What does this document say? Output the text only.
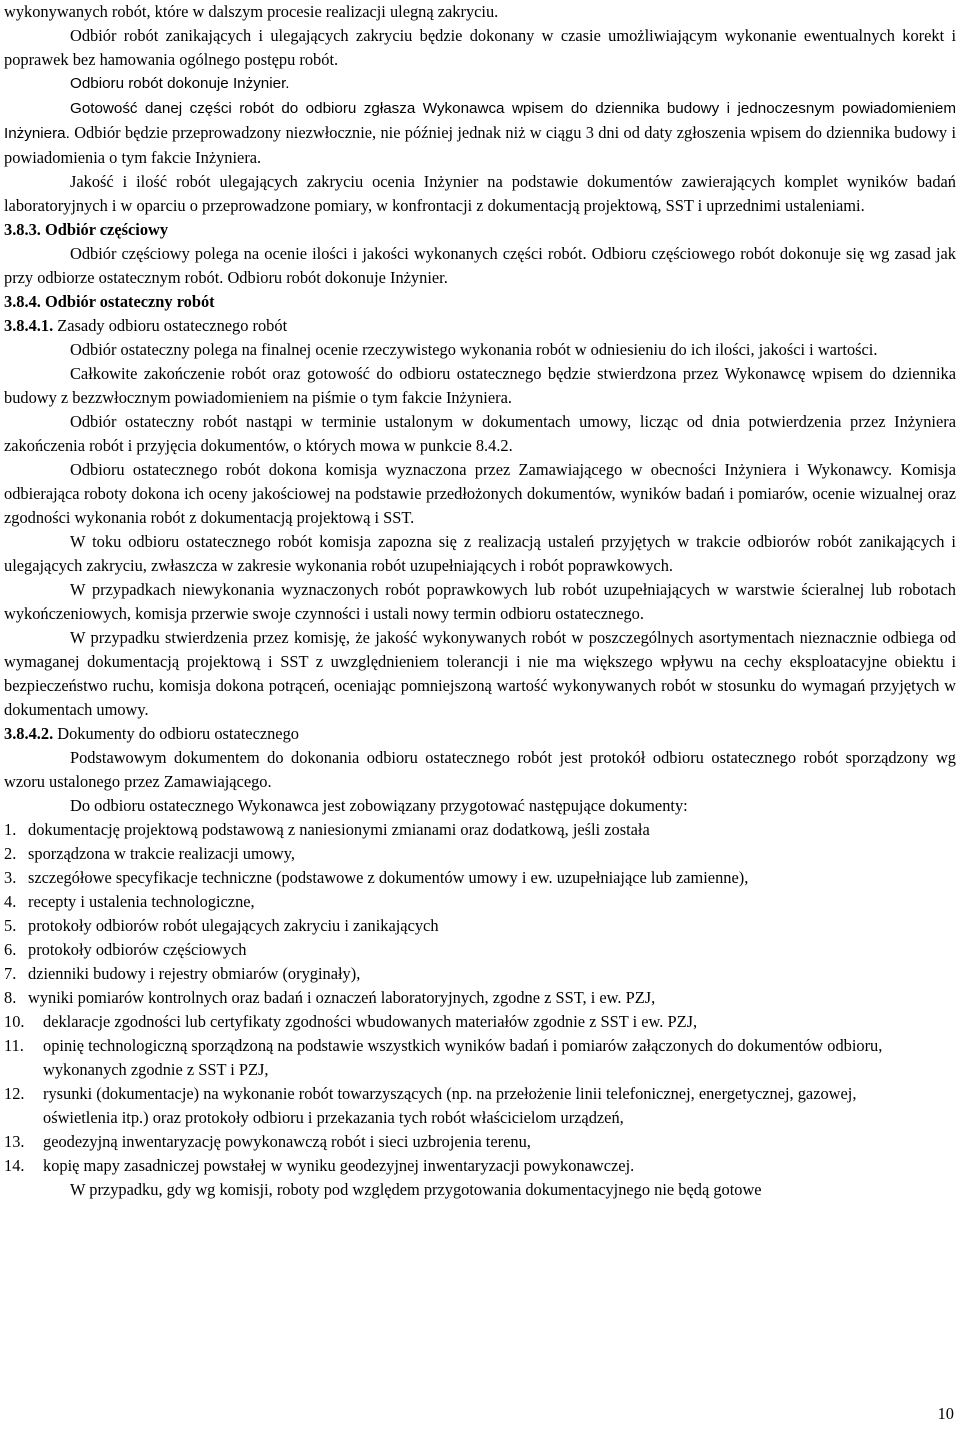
wykonywanych robót, które w dalszym procesie realizacji ulegną zakryciu.

Odbiór robót zanikających i ulegających zakryciu będzie dokonany w czasie umożliwiającym wykonanie ewentualnych korekt i poprawek bez hamowania ogólnego postępu robót.

Odbioru robót dokonuje Inżynier.

Gotowość danej części robót do odbioru zgłasza Wykonawca wpisem do dziennika budowy i jednoczesnym powiadomieniem Inżyniera. Odbiór będzie przeprowadzony niezwłocznie, nie później jednak niż w ciągu 3 dni od daty zgłoszenia wpisem do dziennika budowy i powiadomienia o tym fakcie Inżyniera.

Jakość i ilość robót ulegających zakryciu ocenia Inżynier na podstawie dokumentów zawierających komplet wyników badań laboratoryjnych i w oparciu o przeprowadzone pomiary, w konfrontacji z dokumentacją projektową, SST i uprzednimi ustaleniami.

3.8.3. Odbiór częściowy

Odbiór częściowy polega na ocenie ilości i jakości wykonanych części robót. Odbioru częściowego robót dokonuje się wg zasad jak przy odbiorze ostatecznym robót. Odbioru robót dokonuje Inżynier.

3.8.4. Odbiór ostateczny robót

3.8.4.1. Zasady odbioru ostatecznego robót

Odbiór ostateczny polega na finalnej ocenie rzeczywistego wykonania robót w odniesieniu do ich ilości, jakości i wartości.

Całkowite zakończenie robót oraz gotowość do odbioru ostatecznego będzie stwierdzona przez Wykonawcę wpisem do dziennika budowy z bezzwłocznym powiadomieniem na piśmie o tym fakcie Inżyniera.

Odbiór ostateczny robót nastąpi w terminie ustalonym w dokumentach umowy, licząc od dnia potwierdzenia przez Inżyniera zakończenia robót i przyjęcia dokumentów, o których mowa w punkcie 8.4.2.

Odbioru ostatecznego robót dokona komisja wyznaczona przez Zamawiającego w obecności Inżyniera i Wykonawcy. Komisja odbierająca roboty dokona ich oceny jakościowej na podstawie przedłożonych dokumentów, wyników badań i pomiarów, ocenie wizualnej oraz zgodności wykonania robót z dokumentacją projektową i SST.

W toku odbioru ostatecznego robót komisja zapozna się z realizacją ustaleń przyjętych w trakcie odbiorów robót zanikających i ulegających zakryciu, zwłaszcza w zakresie wykonania robót uzupełniających i robót poprawkowych.

W przypadkach niewykonania wyznaczonych robót poprawkowych lub robót uzupełniających w warstwie ścieralnej lub robotach wykończeniowych, komisja przerwie swoje czynności i ustali nowy termin odbioru ostatecznego.

W przypadku stwierdzenia przez komisję, że jakość wykonywanych robót w poszczególnych asortymentach nieznacznie odbiega od wymaganej dokumentacją projektową i SST z uwzględnieniem tolerancji i nie ma większego wpływu na cechy eksploatacyjne obiektu i bezpieczeństwo ruchu, komisja dokona potrąceń, oceniając pomniejszoną wartość wykonywanych robót w stosunku do wymagań przyjętych w dokumentach umowy.

3.8.4.2. Dokumenty do odbioru ostatecznego

Podstawowym dokumentem do dokonania odbioru ostatecznego robót jest protokół odbioru ostatecznego robót sporządzony wg wzoru ustalonego przez Zamawiającego.

Do odbioru ostatecznego Wykonawca jest zobowiązany przygotować następujące dokumenty:

1. dokumentację projektową podstawową z naniesionymi zmianami oraz dodatkową, jeśli została
2. sporządzona w trakcie realizacji umowy,
3. szczegółowe specyfikacje techniczne (podstawowe z dokumentów umowy i ew. uzupełniające lub zamienne),
4. recepty i ustalenia technologiczne,
5. protokoły odbiorów robót ulegających zakryciu i zanikających
6. protokoły odbiorów częściowych
7. dzienniki budowy i rejestry obmiarów (oryginały),
8. wyniki pomiarów kontrolnych oraz badań i oznaczeń laboratoryjnych, zgodne z SST, i ew. PZJ,
10.	deklaracje zgodności lub certyfikaty zgodności wbudowanych materiałów zgodnie z SST i ew. PZJ,
11.	opinię technologiczną sporządzoną na podstawie wszystkich wyników badań i pomiarów załączonych do dokumentów odbioru, wykonanych zgodnie z SST i PZJ,
12.	rysunki (dokumentacje) na wykonanie robót towarzyszących (np. na przełożenie linii telefonicznej, energetycznej, gazowej, oświetlenia itp.) oraz protokoły odbioru i przekazania tych robót właścicielom urządzeń,
13.	geodezyjną inwentaryzację powykonawczą robót i sieci uzbrojenia terenu,
14.	kopię mapy zasadniczej powstałej w wyniku geodezyjnej inwentaryzacji powykonawczej.

W przypadku, gdy wg komisji, roboty pod względem przygotowania dokumentacyjnego nie będą gotowe

10
